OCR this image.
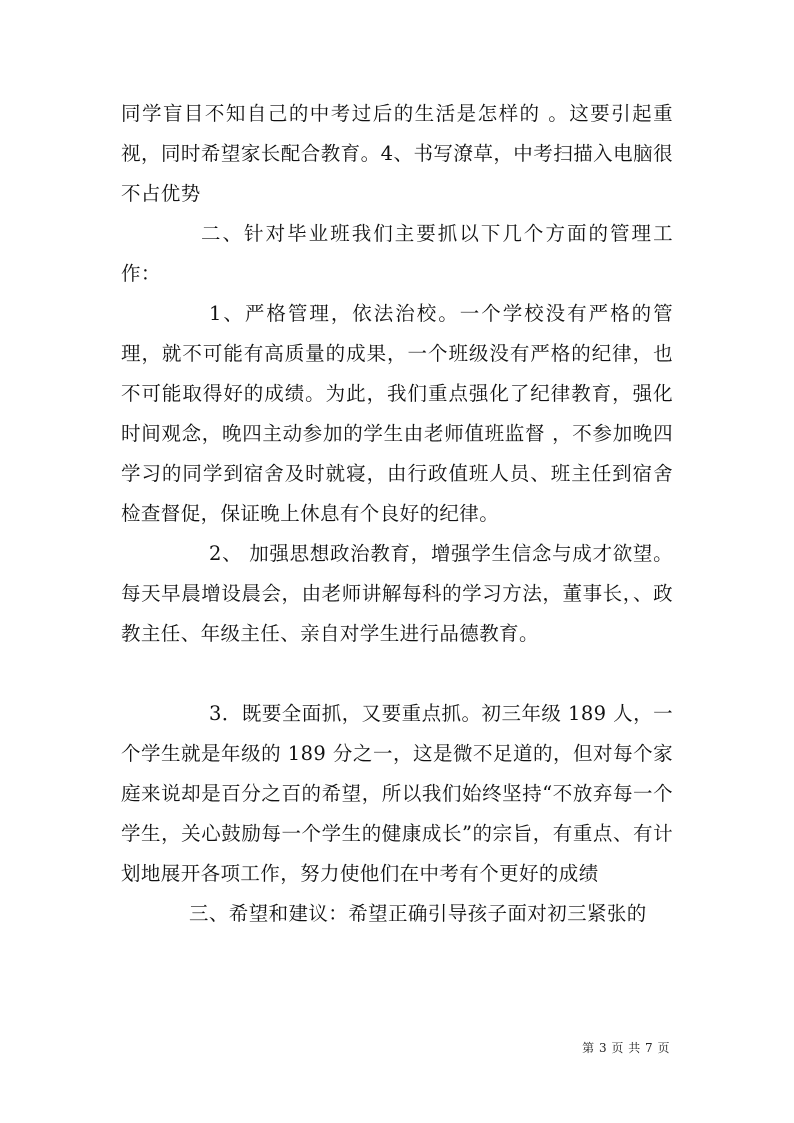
同学盲目不知自己的中考过后的生活是怎样的 。这要引起重视，同时希望家长配合教育。4、书写潦草，中考扫描入电脑很不占优势

二、针对毕业班我们主要抓以下几个方面的管理工作：

1、严格管理，依法治校。一个学校没有严格的管理，就不可能有高质量的成果，一个班级没有严格的纪律，也不可能取得好的成绩。为此，我们重点强化了纪律教育，强化时间观念，晚四主动参加的学生由老师值班监督 ，不参加晚四学习的同学到宿舍及时就寝，由行政值班人员、班主任到宿舍检查督促，保证晚上休息有个良好的纪律。

2、 加强思想政治教育，增强学生信念与成才欲望。每天早晨增设晨会，由老师讲解每科的学习方法，董事长，、政教主任、年级主任、亲自对学生进行品德教育。

3．既要全面抓，又要重点抓。初三年级 189 人，一个学生就是年级的 189 分之一，这是微不足道的，但对每个家庭来说却是百分之百的希望，所以我们始终坚持“不放弃每一个学生，关心鼓励每一个学生的健康成长”的宗旨，有重点、有计划地展开各项工作，努力使他们在中考有个更好的成绩

三、希望和建议：希望正确引导孩子面对初三紧张的

第 3 页 共 7 页
